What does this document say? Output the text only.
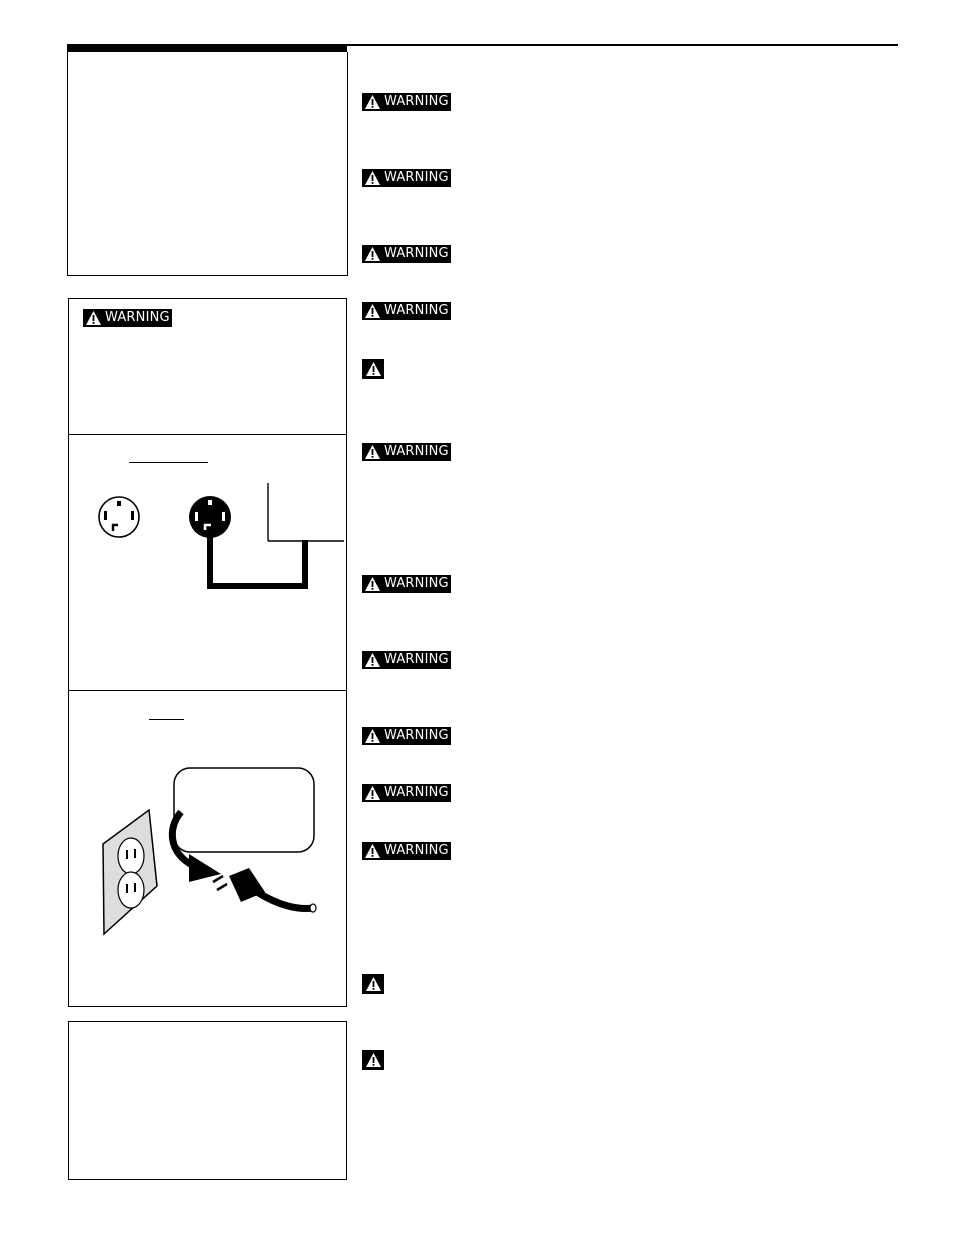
WARNING
WARNING
WARNING
WARNING
WARNING
WARNING
WARNING
WARNING
WARNING
WARNING
WARNING
